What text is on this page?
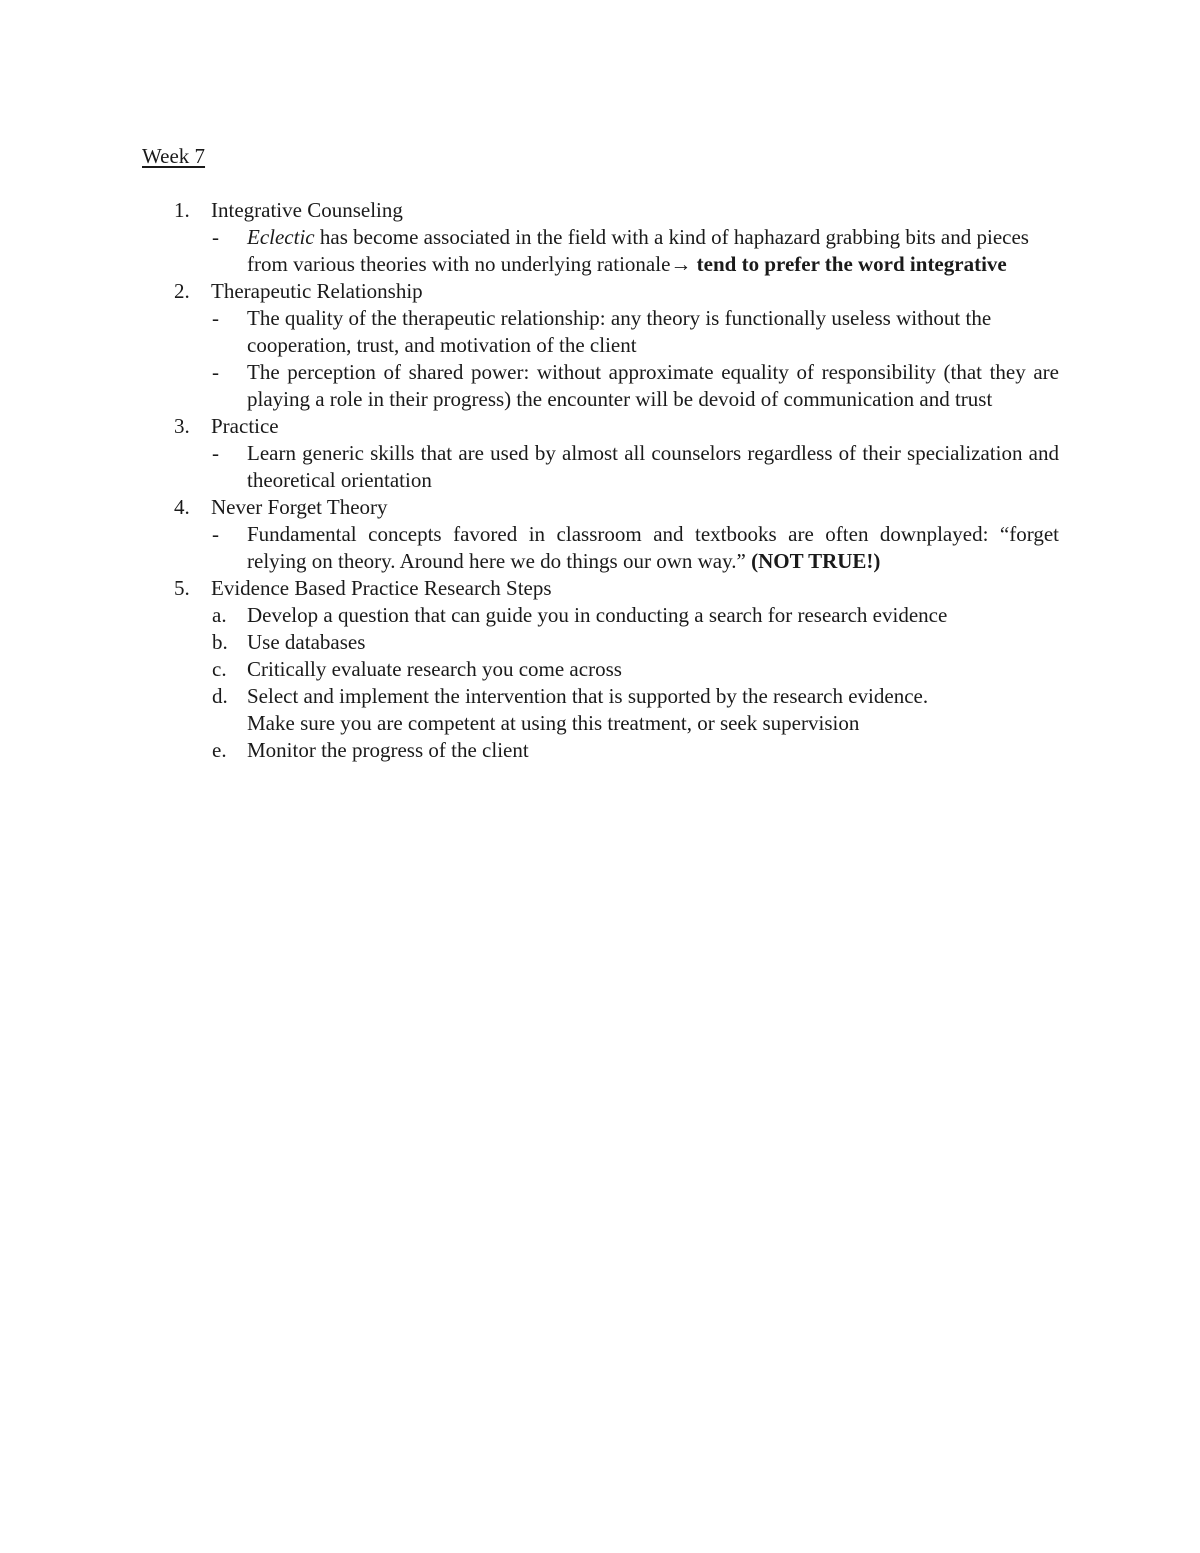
Week 7
1.	Integrative Counseling
-	Eclectic has become associated in the field with a kind of haphazard grabbing bits and pieces from various theories with no underlying rationale→ tend to prefer the word integrative
2.	Therapeutic Relationship
-	The quality of the therapeutic relationship: any theory is functionally useless without the cooperation, trust, and motivation of the client
-	The perception of shared power: without approximate equality of responsibility (that they are playing a role in their progress) the encounter will be devoid of communication and trust
3.	Practice
-	Learn generic skills that are used by almost all counselors regardless of their specialization and theoretical orientation
4.	Never Forget Theory
-	Fundamental concepts favored in classroom and textbooks are often downplayed: “forget relying on theory. Around here we do things our own way.” (NOT TRUE!)
5.	Evidence Based Practice Research Steps
a. Develop a question that can guide you in conducting a search for research evidence
b. Use databases
c. Critically evaluate research you come across
d. Select and implement the intervention that is supported by the research evidence.
Make sure you are competent at using this treatment, or seek supervision
e. Monitor the progress of the client
